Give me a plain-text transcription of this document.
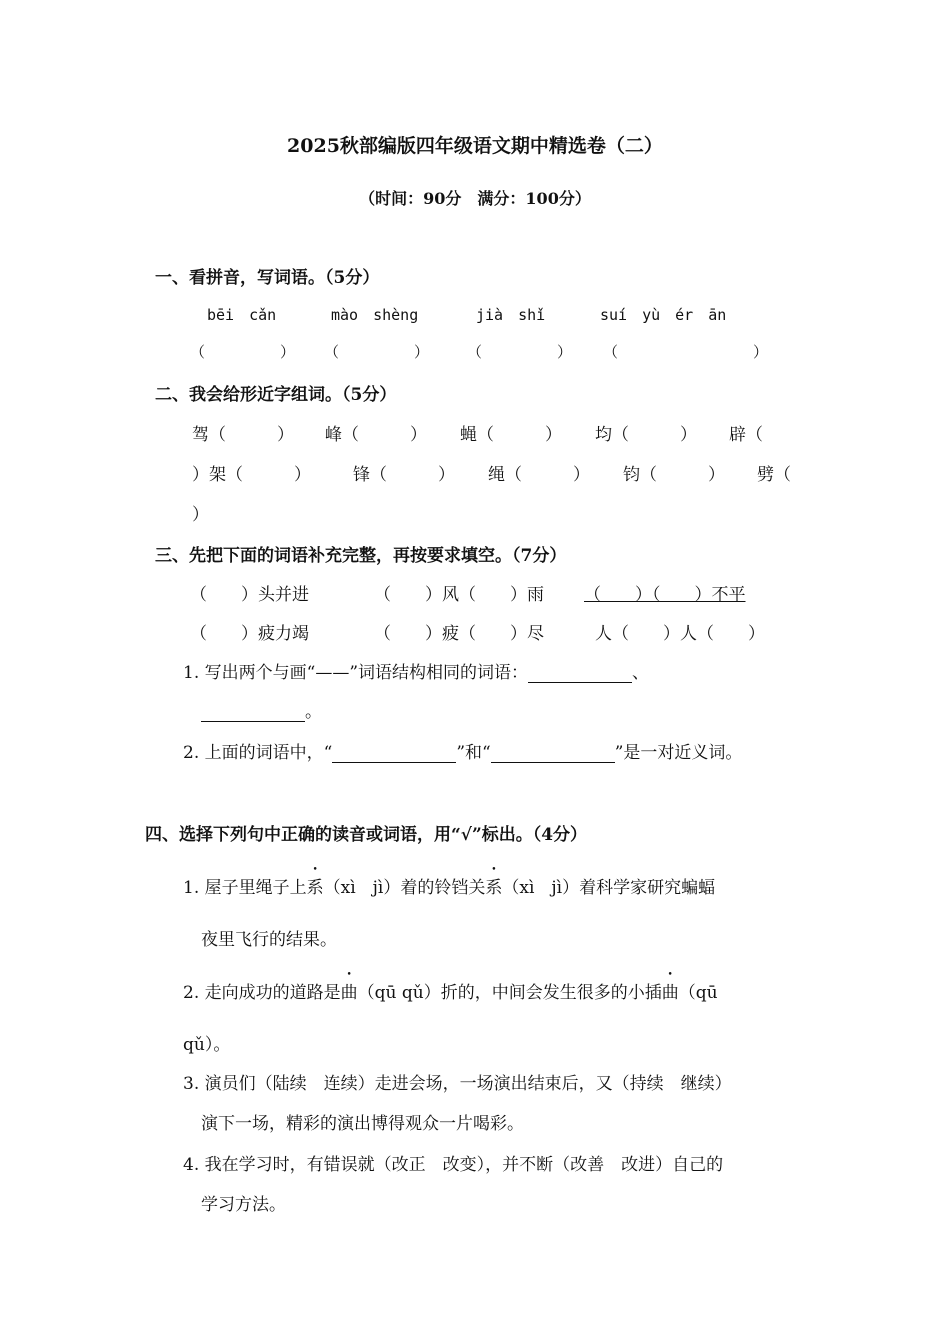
2025秋部编版四年级语文期中精选卷（二）
（时间：90分　满分：100分）
一、看拼音，写词语。（5分）
bēi　cǎn	mào　shèng	jià　shǐ	suí　yù　ér　ān
（　　　　　） （　　　　　）	（　　　　　） （　　　　　　　　　）
二、我会给形近字组词。（5分）
驾（　　　） 峰（　　　） 蝇（　　　） 均（　　　） 辟（
）架（　　　） 锋（　　　） 绳（　　　） 钧（　　　） 劈（
）
三、先把下面的词语补充完整，再按要求填空。（7分）
（　　）头并进	（　　）风（　　）雨 （　　）（　　）不平
（　　）疲力竭	（　　）疲（　　）尽	人（　　）人（　　）
1. 写出两个与画“——”词语结构相同的词语：	、
。
2. 上面的词语中，“	”和“	”是一对近义词。
四、选择下列句中正确的读音或词语，用“√”标出。（4分）
1. 屋子里绳子上系（xì　jì）着的铃铛关系（xì　jì）着科学家研究蝙蝠
夜里飞行的结果。
2. 走向成功的道路是曲（qū qǔ）折的，中间会发生很多的小插曲（qū
qǔ）。
3. 演员们（陆续　连续）走进会场，一场演出结束后，又（持续　继续）
演下一场，精彩的演出博得观众一片喝彩。
4. 我在学习时，有错误就（改正　改变），并不断（改善　改进）自己的
学习方法。
